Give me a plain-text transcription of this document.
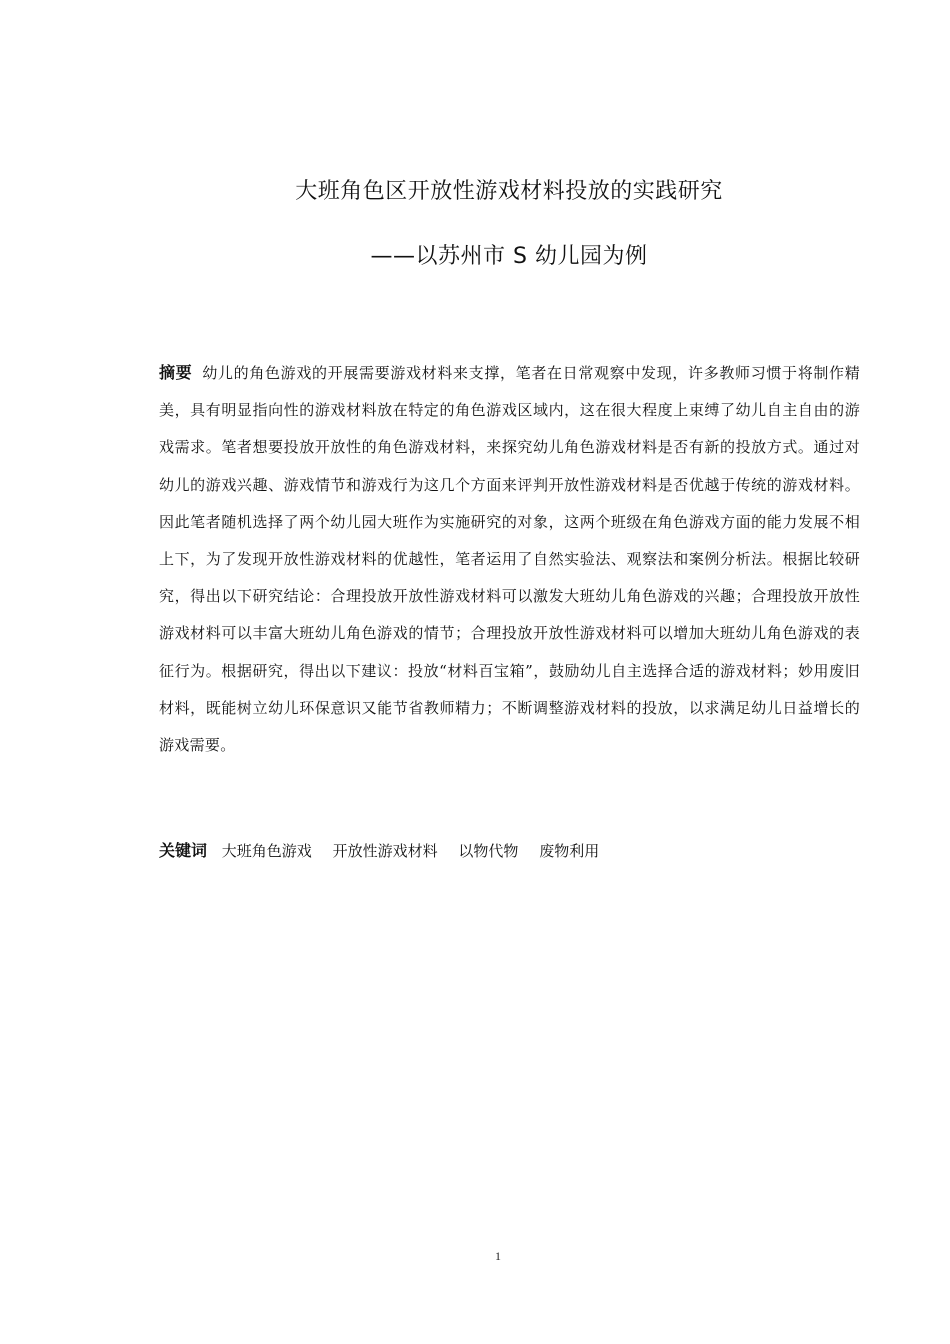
大班角色区开放性游戏材料投放的实践研究
——以苏州市 S 幼儿园为例
摘要 幼儿的角色游戏的开展需要游戏材料来支撑，笔者在日常观察中发现，许多教师习惯于将制作精美，具有明显指向性的游戏材料放在特定的角色游戏区域内，这在很大程度上束缚了幼儿自主自由的游戏需求。笔者想要投放开放性的角色游戏材料，来探究幼儿角色游戏材料是否有新的投放方式。通过对幼儿的游戏兴趣、游戏情节和游戏行为这几个方面来评判开放性游戏材料是否优越于传统的游戏材料。因此笔者随机选择了两个幼儿园大班作为实施研究的对象，这两个班级在角色游戏方面的能力发展不相上下，为了发现开放性游戏材料的优越性，笔者运用了自然实验法、观察法和案例分析法。根据比较研究，得出以下研究结论：合理投放开放性游戏材料可以激发大班幼儿角色游戏的兴趣；合理投放开放性游戏材料可以丰富大班幼儿角色游戏的情节；合理投放开放性游戏材料可以增加大班幼儿角色游戏的表征行为。根据研究，得出以下建议：投放“材料百宝箱”，鼓励幼儿自主选择合适的游戏材料；妙用废旧材料，既能树立幼儿环保意识又能节省教师精力；不断调整游戏材料的投放，以求满足幼儿日益增长的游戏需要。
关键词 大班角色游戏 开放性游戏材料 以物代物 废物利用
1
